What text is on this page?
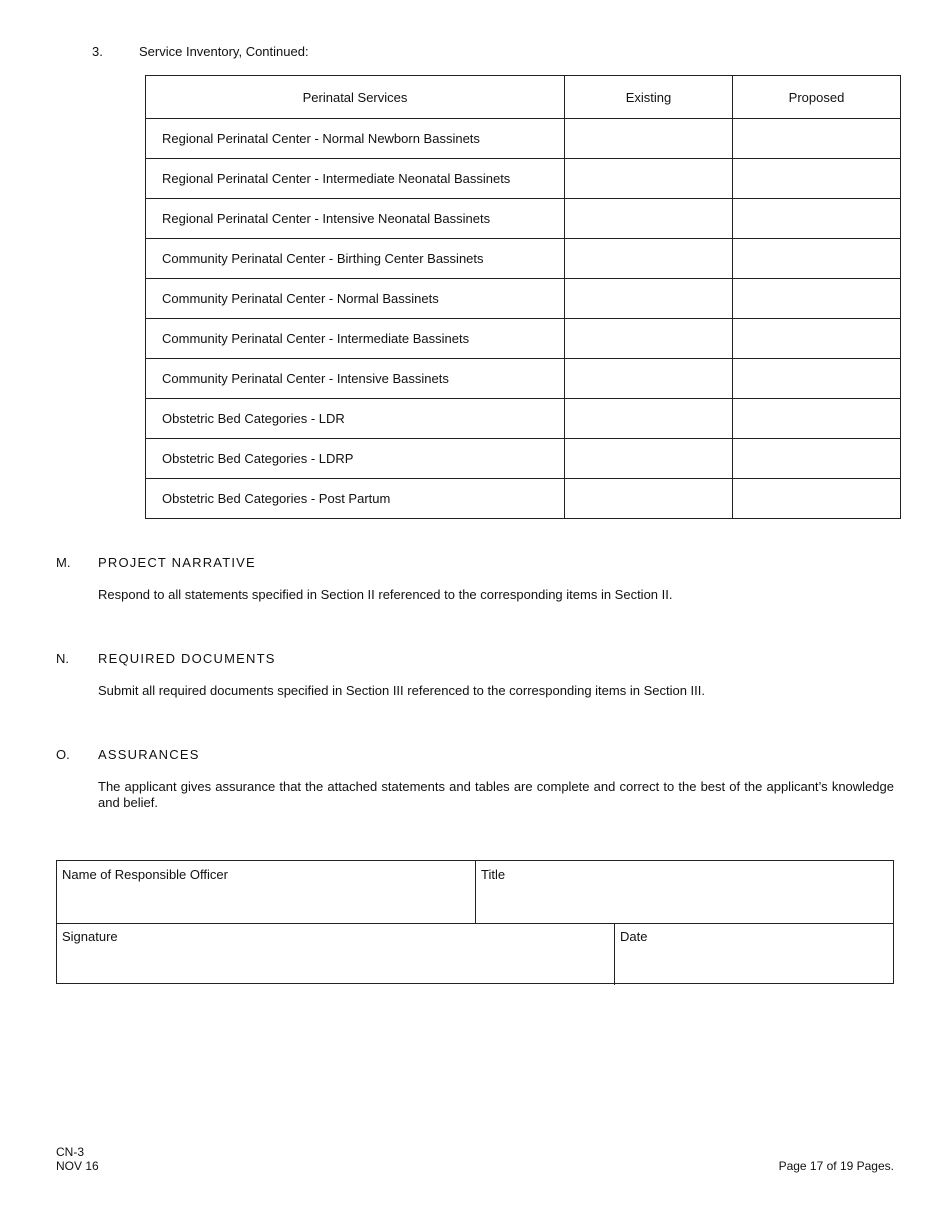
3.	Service Inventory, Continued:
Perinatal Services	Existing	Proposed
Regional Perinatal Center - Normal Newborn Bassinets		
Regional Perinatal Center - Intermediate Neonatal Bassinets		
Regional Perinatal Center - Intensive Neonatal Bassinets		
Community Perinatal Center - Birthing Center Bassinets		
Community Perinatal Center - Normal Bassinets		
Community Perinatal Center - Intermediate Bassinets		
Community Perinatal Center - Intensive Bassinets		
Obstetric Bed Categories - LDR		
Obstetric Bed Categories - LDRP		
Obstetric Bed Categories - Post Partum		
M. PROJECT NARRATIVE
Respond to all statements specified in Section II referenced to the corresponding items in Section II.
N. REQUIRED DOCUMENTS
Submit all required documents specified in Section III referenced to the corresponding items in Section III.
O. ASSURANCES
The applicant gives assurance that the attached statements and tables are complete and correct to the best of the applicant’s knowledge and belief.
Name of Responsible Officer	Title
Signature	Date
CN-3
NOV 16	Page 17 of 19 Pages.
